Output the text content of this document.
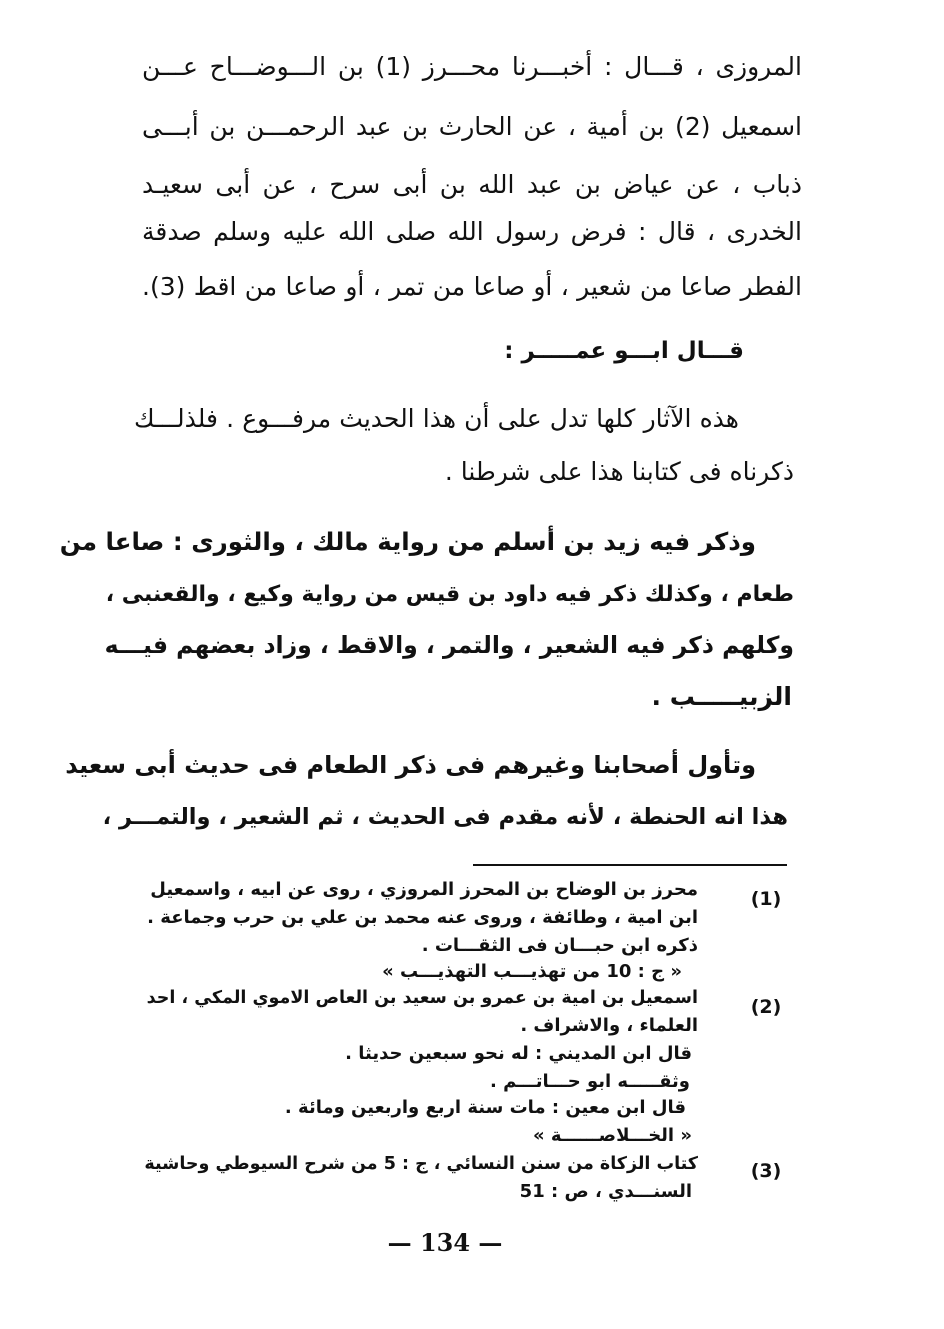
المروزى ، قـــال : أخبـــرنا محـــرز (1) بن الـــوضـــاح عـــن
اسمعيل (2) بن أمية ، عن الحارث بن عبد الرحمـــن بن أبـــى
ذباب ، عن عياض بن عبد الله بن أبى سرح ، عن أبى سعيـد
الخدرى ، قال : فرض رسول الله صلى الله عليه وسلم صدقة
الفطر صاعا من شعير ، أو صاعا من تمر ، أو صاعا من اقط (3).
قـــال ابـــو عمـــــر :
هذه الآثار كلها تدل على أن هذا الحديث مرفـــوع . فلذلـــك
ذكرناه فى كتابنا هذا على شرطنا .
وذكر فيه زيد بن أسلم من رواية مالك ، والثورى : صاعا من
طعام ، وكذلك ذكر فيه داود بن قيس من رواية وكيع ، والقعنبى ،
وكلهم ذكر فيه الشعير ، والتمر ، والاقط ، وزاد بعضهم فيـــه
الزبيـــــب .
وتأول أصحابنا وغيرهم فى ذكر الطعام فى حديث أبى سعيد
هذا انه الحنطة ، لأنه مقدم فى الحديث ، ثم الشعير ، والتمـــر ،
(1)
محرز بن الوضاح بن المحرز المروزي ، روى عن ابيه ، واسمعيل
ابن امية ، وطائفة ، وروى عنه محمد بن علي بن حرب وجماعة .
ذكره ابن حبـــان فى الثقـــات .
« ج : 10 من تهذيـــب التهذيـــب »
(2)
اسمعيل بن امية بن عمرو بن سعيد بن العاص الاموي المكي ، احد
العلماء ، والاشراف .
قال ابن المديني : له نحو سبعين حديثا .
وثقـــــه ابو حـــاتـــم .
قال ابن معين : مات سنة اربع واربعين ومائة .
« الخـــلاصــــــة »
(3)
كتاب الزكاة من سنن النسائي ، ج : 5 من شرح السيوطي وحاشية
السنـــدي ، ص : 51
— 134 —
